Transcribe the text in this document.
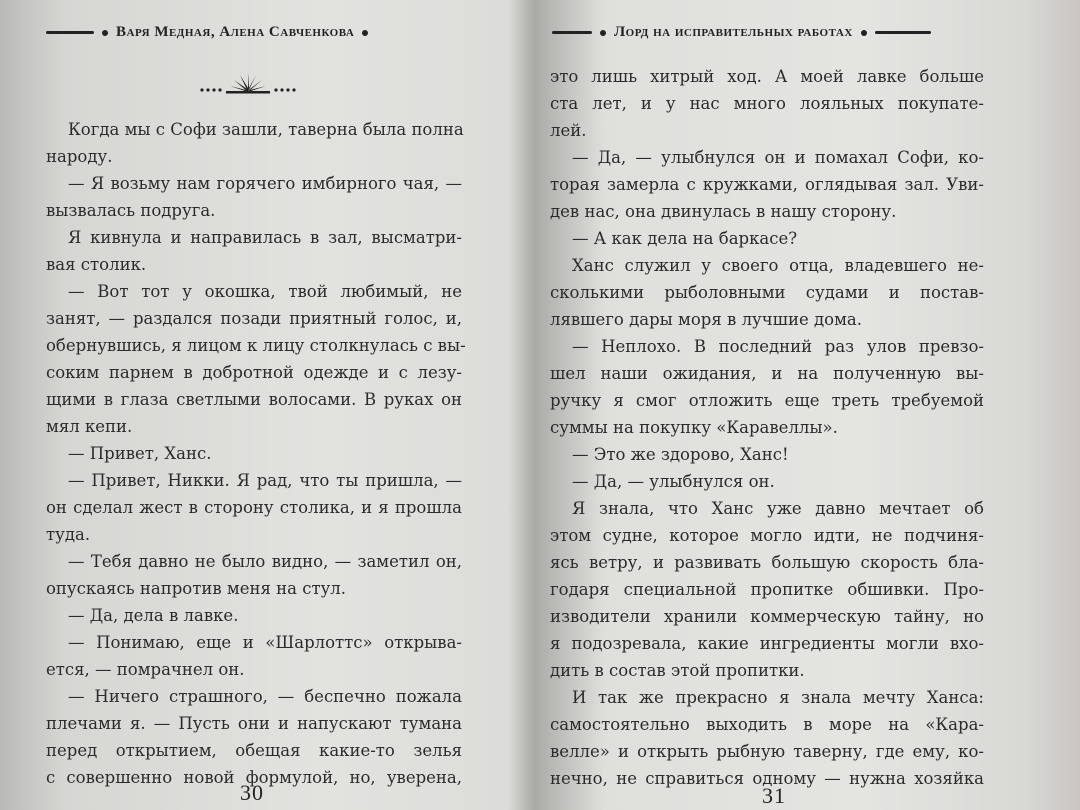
Варя Медная, Алена Савченкова
Когда мы с Софи зашли, таверна была полна
народу.
— Я возьму нам горячего имбирного чая, —
вызвалась подруга.
Я кивнула и направилась в зал, высматри-
вая столик.
— Вот тот у окошка, твой любимый, не
занят, — раздался позади приятный голос, и,
обернувшись, я лицом к лицу столкнулась с вы-
соким парнем в добротной одежде и с лезу-
щими в глаза светлыми волосами. В руках он
мял кепи.
— Привет, Ханс.
— Привет, Никки. Я рад, что ты пришла, —
он сделал жест в сторону столика, и я прошла
туда.
— Тебя давно не было видно, — заметил он,
опускаясь напротив меня на стул.
— Да, дела в лавке.
— Понимаю, еще и «Шарлоттс» открыва-
ется, — помрачнел он.
— Ничего страшного, — беспечно пожала
плечами я. — Пусть они и напускают тумана
перед открытием, обещая какие-то зелья
с совершенно новой формулой, но, уверена,
30
Лорд на исправительных работах
это лишь хитрый ход. А моей лавке больше
ста лет, и у нас много лояльных покупате-
лей.
— Да, — улыбнулся он и помахал Софи, ко-
торая замерла с кружками, оглядывая зал. Уви-
дев нас, она двинулась в нашу сторону.
— А как дела на баркасе?
Ханс служил у своего отца, владевшего не-
сколькими рыболовными судами и постав-
лявшего дары моря в лучшие дома.
— Неплохо. В последний раз улов превзо-
шел наши ожидания, и на полученную вы-
ручку я смог отложить еще треть требуемой
суммы на покупку «Каравеллы».
— Это же здорово, Ханс!
— Да, — улыбнулся он.
Я знала, что Ханс уже давно мечтает об
этом судне, которое могло идти, не подчиня-
ясь ветру, и развивать большую скорость бла-
годаря специальной пропитке обшивки. Про-
изводители хранили коммерческую тайну, но
я подозревала, какие ингредиенты могли вхо-
дить в состав этой пропитки.
И так же прекрасно я знала мечту Ханса:
самостоятельно выходить в море на «Кара-
велле» и открыть рыбную таверну, где ему, ко-
нечно, не справиться одному — нужна хозяйка
31
